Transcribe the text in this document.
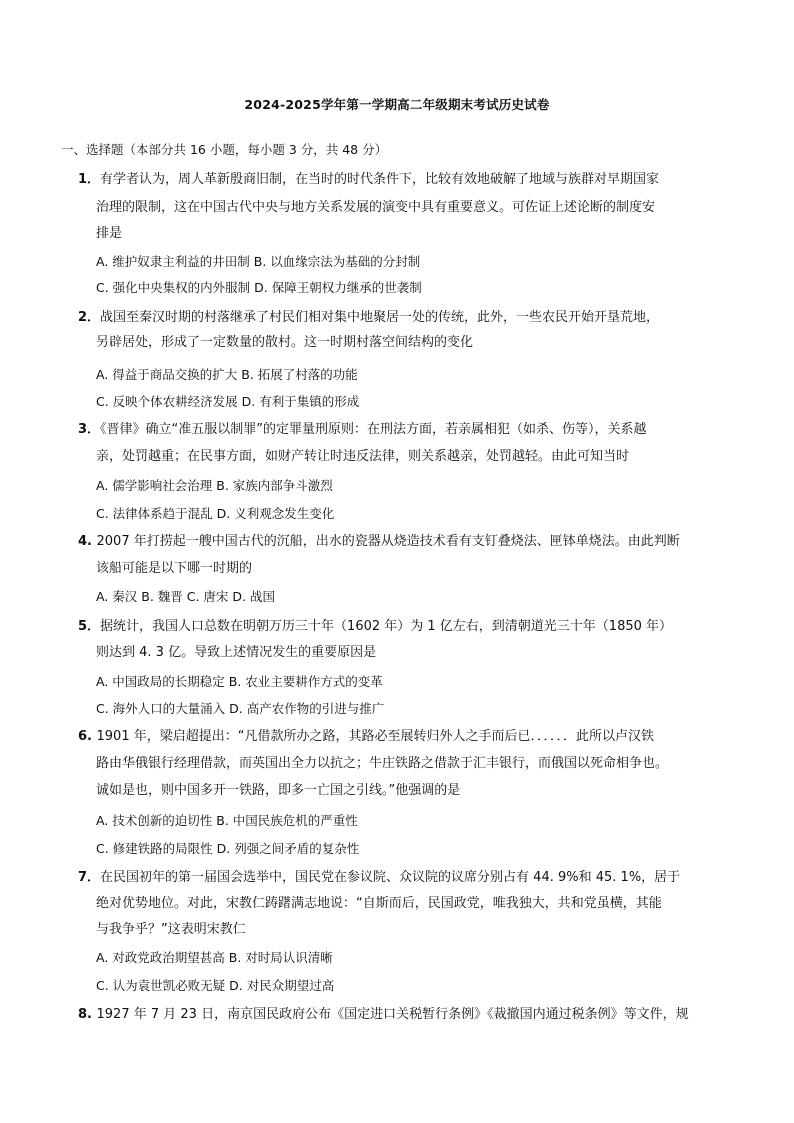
2024-2025学年第一学期高二年级期末考试历史试卷
一、选择题（本部分共 16 小题，每小题 3 分，共 48 分）
1．有学者认为，周人革新殷商旧制，在当时的时代条件下，比较有效地破解了地域与族群对早期国家
治理的限制，这在中国古代中央与地方关系发展的演变中具有重要意义。可佐证上述论断的制度安
排是
A. 维护奴隶主利益的井田制 B. 以血缘宗法为基础的分封制
C. 强化中央集权的内外服制 D. 保障王朝权力继承的世袭制
2．战国至秦汉时期的村落继承了村民们相对集中地聚居一处的传统，此外，一些农民开始开垦荒地，
另辟居处，形成了一定数量的散村。这一时期村落空间结构的变化
A. 得益于商品交换的扩大 B. 拓展了村落的功能
C. 反映个体农耕经济发展 D. 有利于集镇的形成
3．《晋律》确立“准五服以制罪”的定罪量刑原则：在刑法方面，若亲属相犯（如杀、伤等），关系越
亲，处罚越重；在民事方面，如财产转让时违反法律，则关系越亲，处罚越轻。由此可知当时
A. 儒学影响社会治理 B. 家族内部争斗激烈
C. 法律体系趋于混乱 D. 义利观念发生变化
4. 2007 年打捞起一艘中国古代的沉船，出水的瓷器从烧造技术看有支钉叠烧法、匣钵单烧法。由此判断
该船可能是以下哪一时期的
A. 秦汉 B. 魏晋 C. 唐宋 D. 战国
5．据统计，我国人口总数在明朝万历三十年（1602 年）为 1 亿左右，到清朝道光三十年（1850 年）
则达到 4. 3 亿。导致上述情况发生的重要原因是
A. 中国政局的长期稳定 B. 农业主要耕作方式的变革
C. 海外人口的大量涌入 D. 高产农作物的引进与推广
6. 1901 年，梁启超提出：“凡借款所办之路，其路必至展转归外人之手而后已．．．．．．此所以卢汉铁
路由华俄银行经理借款，而英国出全力以抗之；牛庄铁路之借款于汇丰银行，而俄国以死命相争也。
诚如是也，则中国多开一铁路，即多一亡国之引线。”他强调的是
A. 技术创新的迫切性 B. 中国民族危机的严重性
C. 修建铁路的局限性 D. 列强之间矛盾的复杂性
7．在民国初年的第一届国会选举中，国民党在参议院、众议院的议席分别占有 44. 9%和 45. 1%，居于
绝对优势地位。对此，宋教仁踌躇满志地说：“自斯而后，民国政党，唯我独大，共和党虽横，其能
与我争乎？”这表明宋教仁
A. 对政党政治期望甚高 B. 对时局认识清晰
C. 认为袁世凯必败无疑 D. 对民众期望过高
8. 1927 年 7 月 23 日，南京国民政府公布《国定进口关税暂行条例》《裁撤国内通过税条例》等文件，规
